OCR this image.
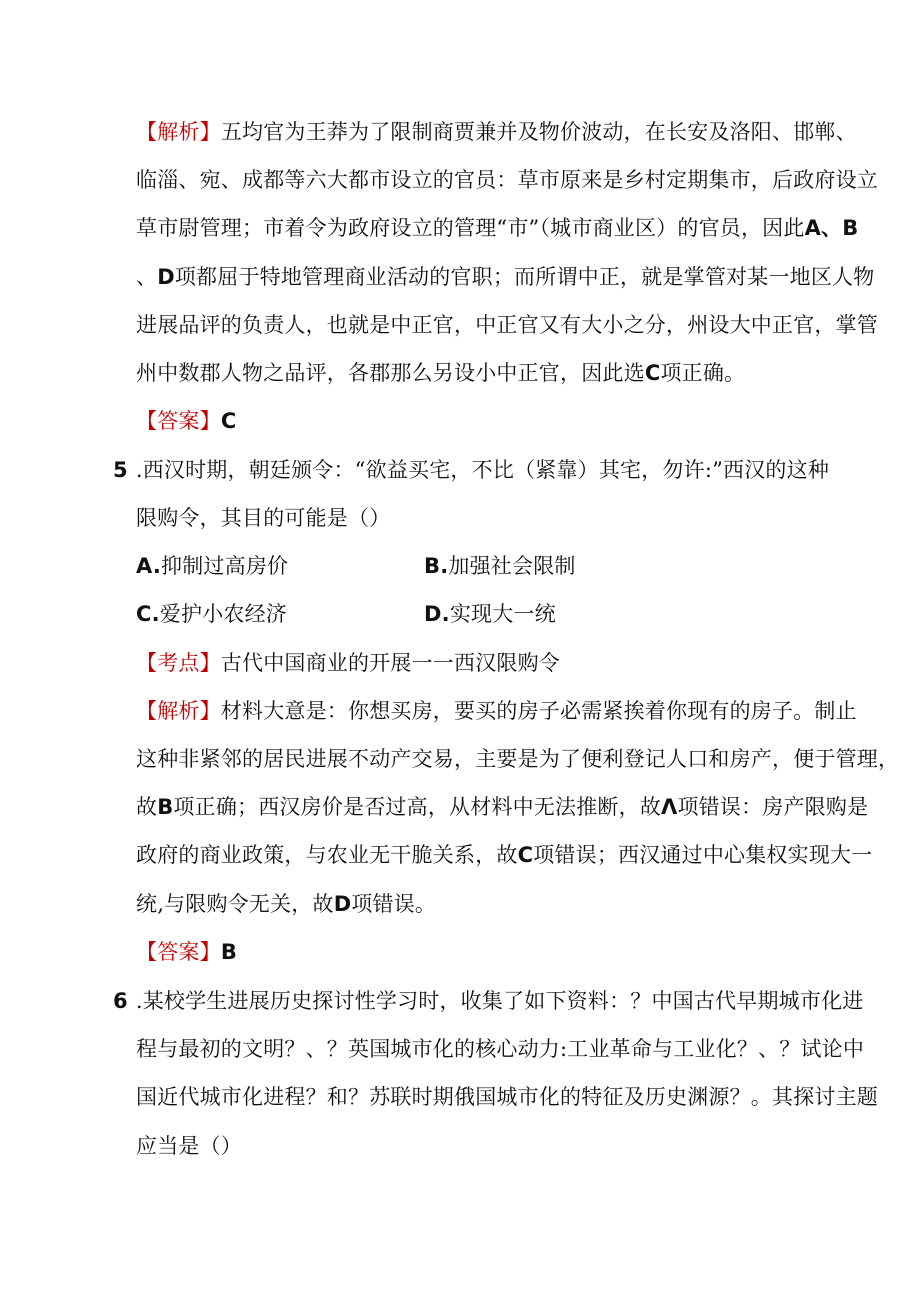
【解析】五均官为王莽为了限制商贾兼并及物价波动，在长安及洛阳、邯郸、
临淄、宛、成都等六大都市设立的官员：草市原来是乡村定期集市，后政府设立
草市尉管理；市着令为政府设立的管理“市”（城市商业区）的官员，因此A、B
、D项都屈于特地管理商业活动的官职；而所谓中正，就是掌管对某一地区人物
进展品评的负责人，也就是中正官，中正官又有大小之分，州设大中正官，掌管
州中数郡人物之品评，各郡那么另设小中正官，因此选C项正确。
【答案】C
5 .西汉时期，朝廷颁令：“欲益买宅，不比（紧靠）其宅，勿许:”西汉的这种
限购令，其目的可能是（）
A.抑制过高房价	B.加强社会限制
C.爱护小农经济	D.实现大一统
【考点】古代中国商业的开展一一西汉限购令
【解析】材料大意是：你想买房，要买的房子必需紧挨着你现有的房子。制止
这种非紧邻的居民进展不动产交易，主要是为了便利登记人口和房产，便于管理，
故B项正确；西汉房价是否过高，从材料中无法推断，故Λ项错误：房产限购是
政府的商业政策，与农业无干脆关系，故C项错误；西汉通过中心集权实现大一
统,与限购令无关，故D项错误。
【答案】B
6 .某校学生进展历史探讨性学习时，收集了如下资料：？中国古代早期城市化进
程与最初的文明？、？英国城市化的核心动力:工业革命与工业化？、？试论中
国近代城市化进程？和？苏联时期俄国城市化的特征及历史渊源？。其探讨主题
应当是（）
